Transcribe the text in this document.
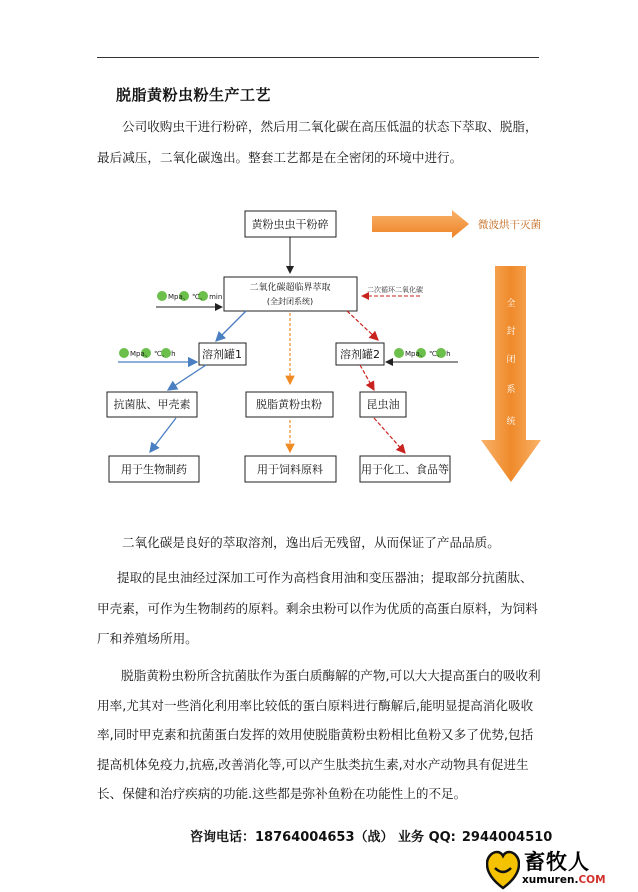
脱脂黄粉虫粉生产工艺

公司收购虫干进行粉碎，然后用二氧化碳在高压低温的状态下萃取、脱脂，最后减压，二氧化碳逸出。整套工艺都是在全密闭的环境中进行。

黄粉虫虫干粉碎	微波烘干灭菌
二氧化碳超临界萃取
(全封闭系统)
Mpa、 ℃、 min
二次循环二氧化碳
溶剂罐1
Mpa、 ℃、 h	溶剂罐2	Mpa、 ℃、 h
抗菌肽、甲壳素	脱脂黄粉虫粉	昆虫油
用于生物制药	用于饲料原料	用于化工、食品等
全
封
闭
系
统

二氧化碳是良好的萃取溶剂，逸出后无残留，从而保证了产品品质。

提取的昆虫油经过深加工可作为高档食用油和变压器油；提取部分抗菌肽、甲壳素，可作为生物制药的原料。剩余虫粉可以作为优质的高蛋白原料，为饲料厂和养殖场所用。

脱脂黄粉虫粉所含抗菌肽作为蛋白质酶解的产物,可以大大提高蛋白的吸收利用率,尤其对一些消化利用率比较低的蛋白原料进行酶解后,能明显提高消化吸收率,同时甲克素和抗菌蛋白发挥的效用使脱脂黄粉虫粉相比鱼粉又多了优势,包括提高机体免疫力,抗癌,改善消化等,可以产生肽类抗生素,对水产动物具有促进生长、保健和治疗疾病的功能.这些都是弥补鱼粉在功能性上的不足。

咨询电话：18764004653（战） 业务 QQ: 2944004510
畜牧人
xumuren.COM
